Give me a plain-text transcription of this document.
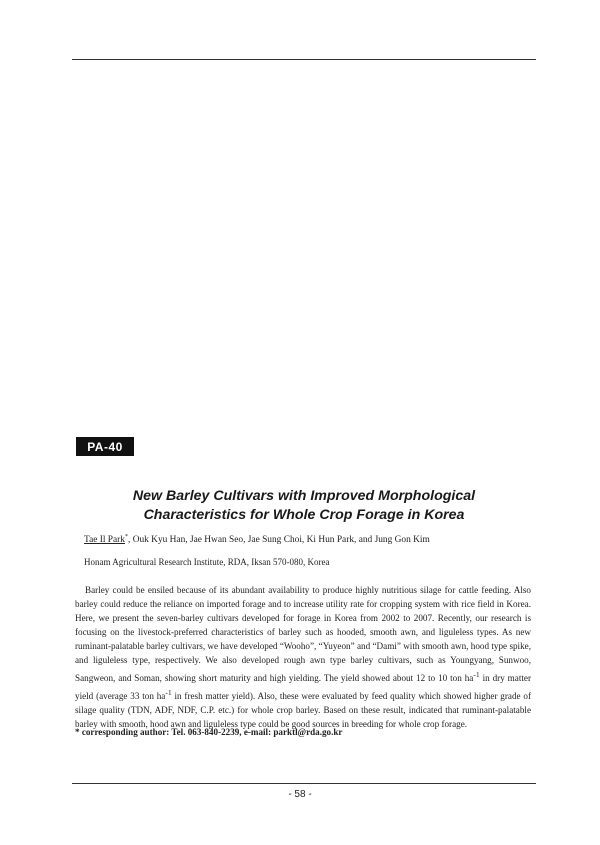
PA-40
New Barley Cultivars with Improved Morphological
Characteristics for Whole Crop Forage in Korea
Tae Il Park*, Ouk Kyu Han, Jae Hwan Seo, Jae Sung Choi, Ki Hun Park, and Jung Gon Kim
Honam Agricultural Research Institute, RDA, Iksan 570-080, Korea

Barley could be ensiled because of its abundant availability to produce highly nutritious silage for cattle feeding. Also barley could reduce the reliance on imported forage and to increase utility rate for cropping system with rice field in Korea. Here, we present the seven-barley cultivars developed for forage in Korea from 2002 to 2007. Recently, our research is focusing on the livestock-preferred characteristics of barley such as hooded, smooth awn, and liguleless types. As new ruminant-palatable barley cultivars, we have developed “Wooho”, “Yuyeon” and “Dami” with smooth awn, hood type spike, and liguleless type, respectively. We also developed rough awn type barley cultivars, such as Youngyang, Sunwoo, Sangweon, and Soman, showing short maturity and high yielding. The yield showed about 12 to 10 ton $ha^{-1}$ in dry matter yield (average 33 ton $ha^{-1}$ in fresh matter yield). Also, these were evaluated by feed quality which showed higher grade of silage quality (TDN, ADF, NDF, C.P. etc.) for whole crop barley. Based on these result, indicated that ruminant-palatable barley with smooth, hood awn and liguleless type could be good sources in breeding for whole crop forage.

* corresponding author: Tel. 063-840-2239, e-mail: parktl@rda.go.kr
- 58 -
